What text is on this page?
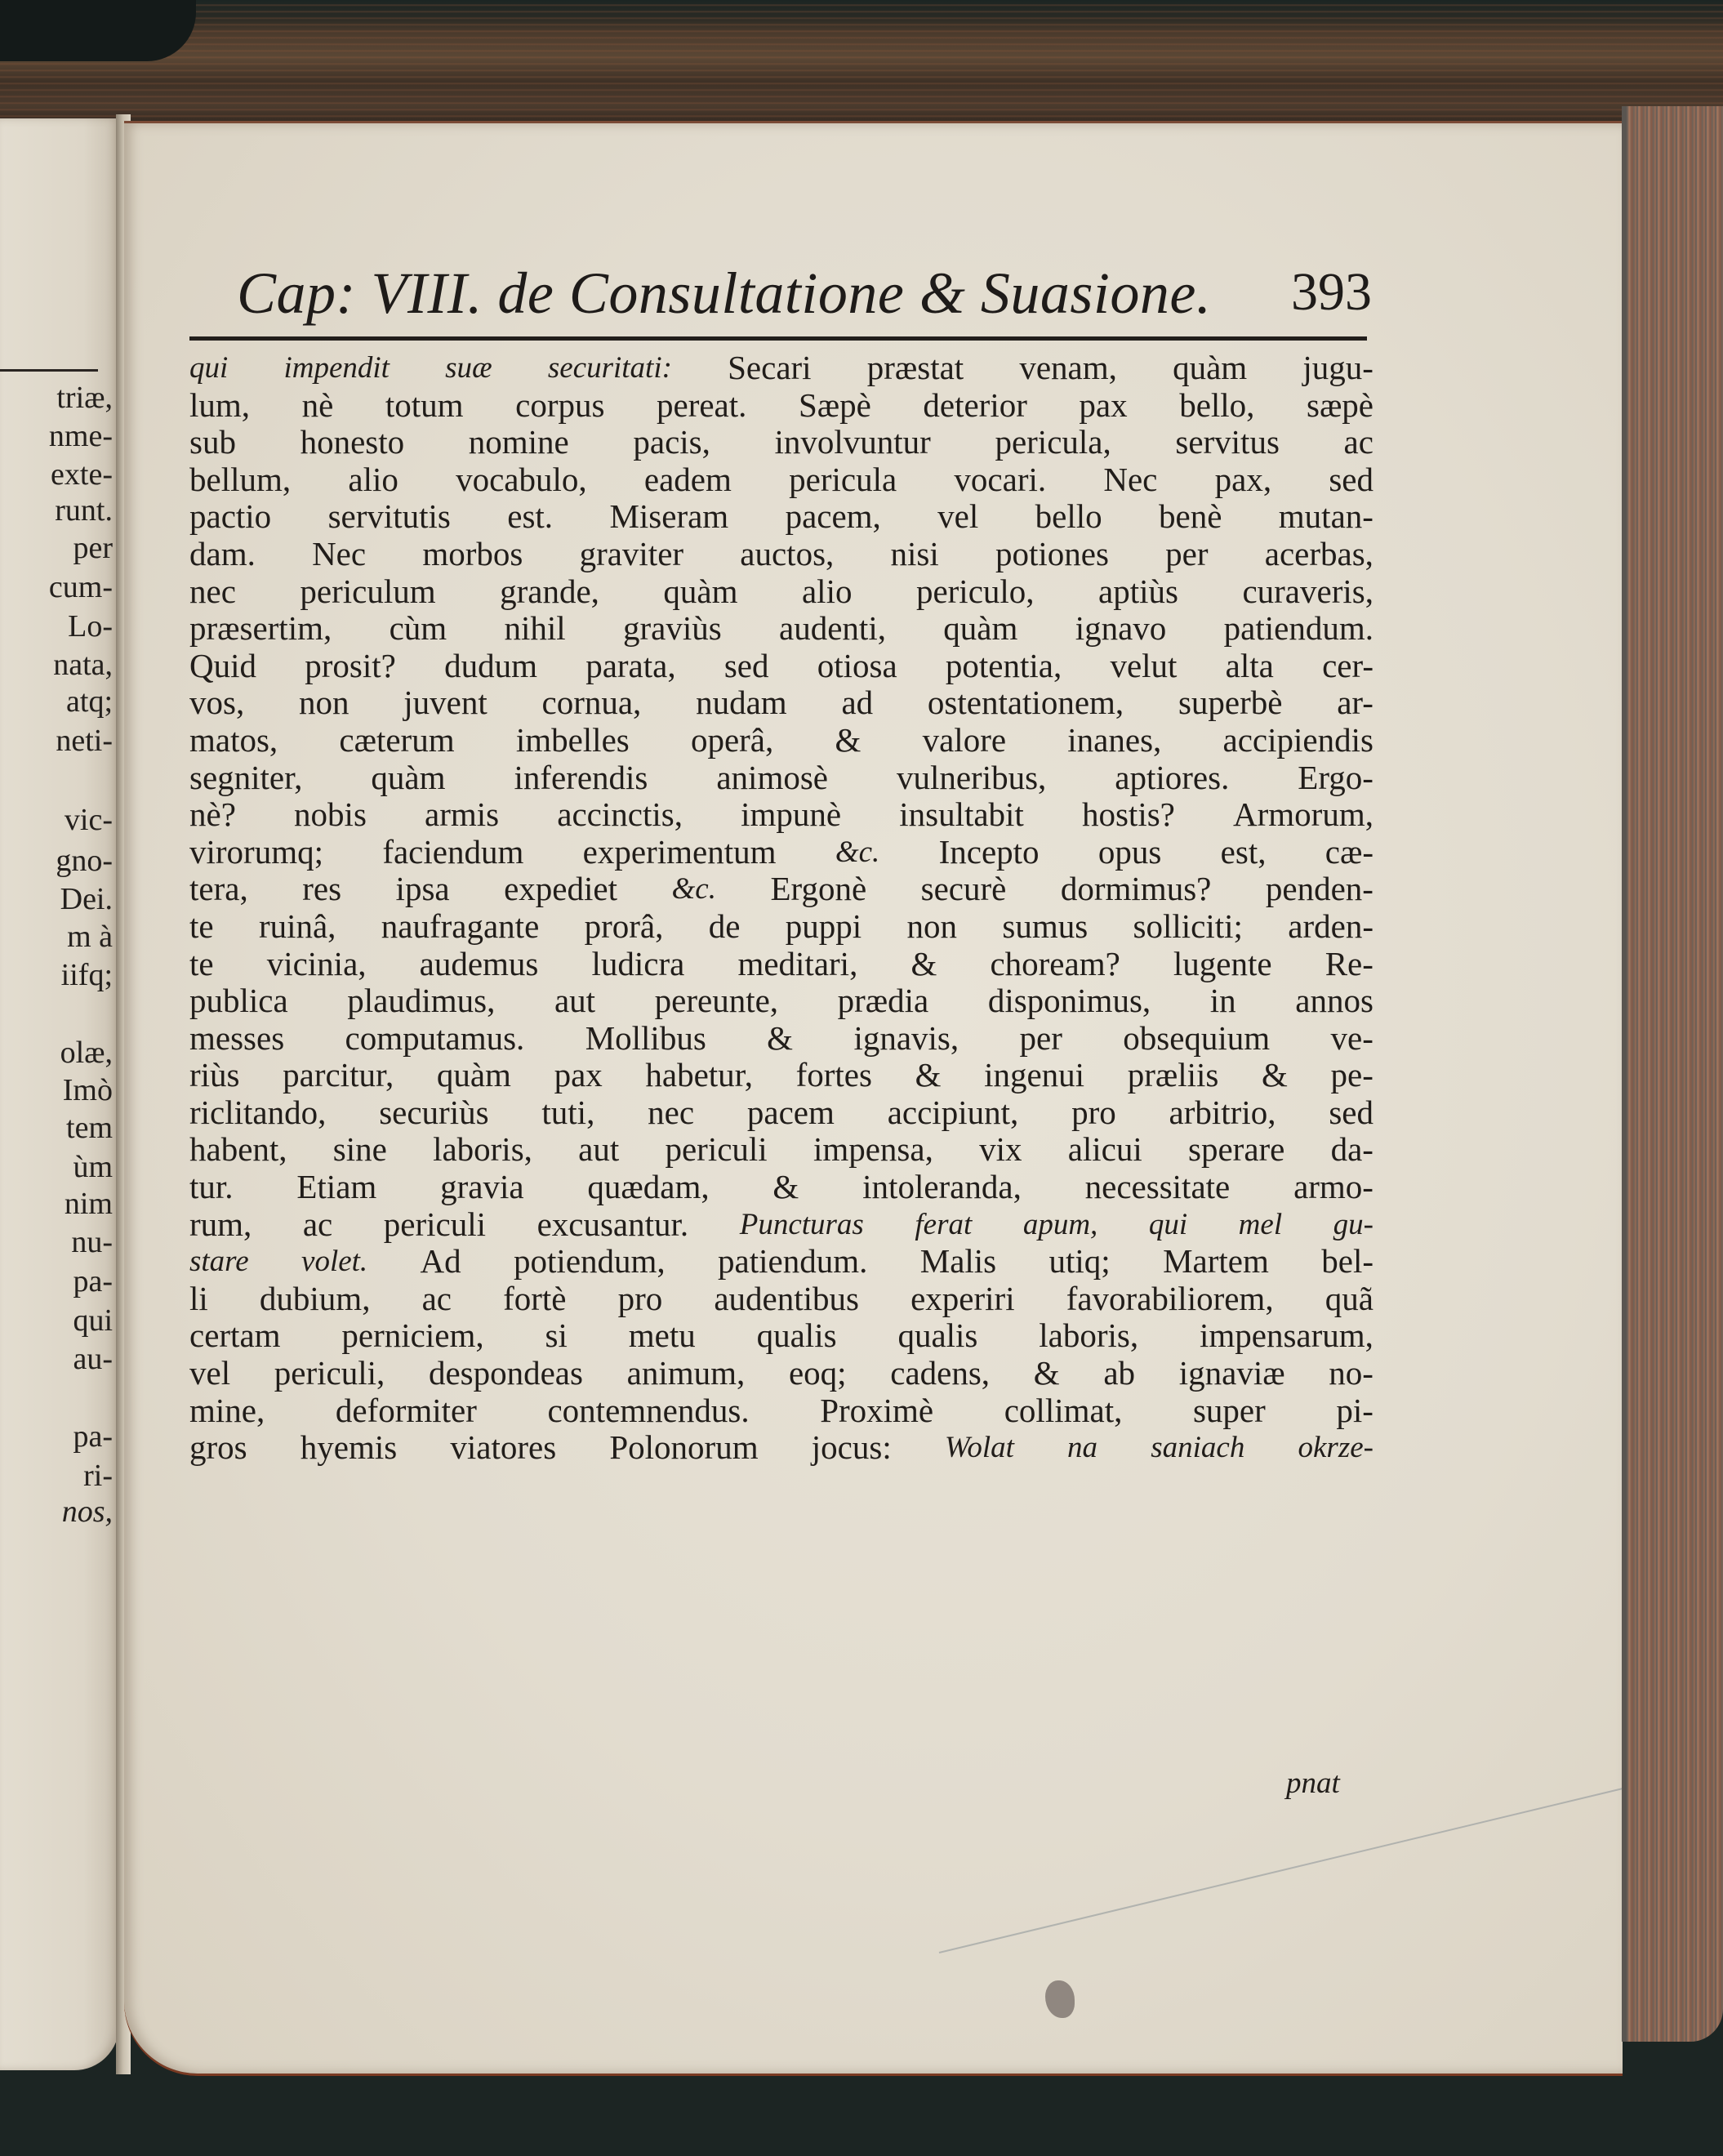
triæ,
nme-
exte-
runt.
per
cum-
Lo-
nata,
atq;
neti-
vic-
gno-
Dei.
m à
iifq;
olæ,
Imò
tem
ùm
nim
nu-
pa-
qui
au-
pa-
ri-
nos,
Cap: VIII. de Consultatione & Suasione. 393
qui impendit suæ securitati: Secari præstat venam, quàm jugu-
lum, nè totum corpus pereat. Sæpè deterior pax bello, sæpè
sub honesto nomine pacis, involvuntur pericula, servitus ac
bellum, alio vocabulo, eadem pericula vocari. Nec pax, sed
pactio servitutis est. Miseram pacem, vel bello benè mutan-
dam. Nec morbos graviter auctos, nisi potiones per acerbas,
nec periculum grande, quàm alio periculo, aptiùs curaveris,
præsertim, cùm nihil graviùs audenti, quàm ignavo patiendum.
Quid prosit? dudum parata, sed otiosa potentia, velut alta cer-
vos, non juvent cornua, nudam ad ostentationem, superbè ar-
matos, cæterum imbelles operâ, & valore inanes, accipiendis
segniter, quàm inferendis animosè vulneribus, aptiores. Ergo-
nè? nobis armis accinctis, impunè insultabit hostis? Armorum,
virorumq; faciendum experimentum &c. Incepto opus est, cæ-
tera, res ipsa expediet &c. Ergonè securè dormimus? penden-
te ruinâ, naufragante prorâ, de puppi non sumus solliciti; arden-
te vicinia, audemus ludicra meditari, & choream? lugente Re-
publica plaudimus, aut pereunte, prædia disponimus, in annos
messes computamus. Mollibus & ignavis, per obsequium ve-
riùs parcitur, quàm pax habetur, fortes & ingenui præliis & pe-
riclitando, securiùs tuti, nec pacem accipiunt, pro arbitrio, sed
habent, sine laboris, aut periculi impensa, vix alicui sperare da-
tur. Etiam gravia quædam, & intoleranda, necessitate armo-
rum, ac periculi excusantur. Puncturas ferat apum, qui mel gu-
stare volet. Ad potiendum, patiendum. Malis utiq; Martem bel-
li dubium, ac fortè pro audentibus experiri favorabiliorem, quã
certam perniciem, si metu qualis qualis laboris, impensarum,
vel periculi, despondeas animum, eoq; cadens, & ab ignaviæ no-
mine, deformiter contemnendus. Proximè collimat, super pi-
gros hyemis viatores Polonorum jocus: Wolat na saniach okrze-
pnat
